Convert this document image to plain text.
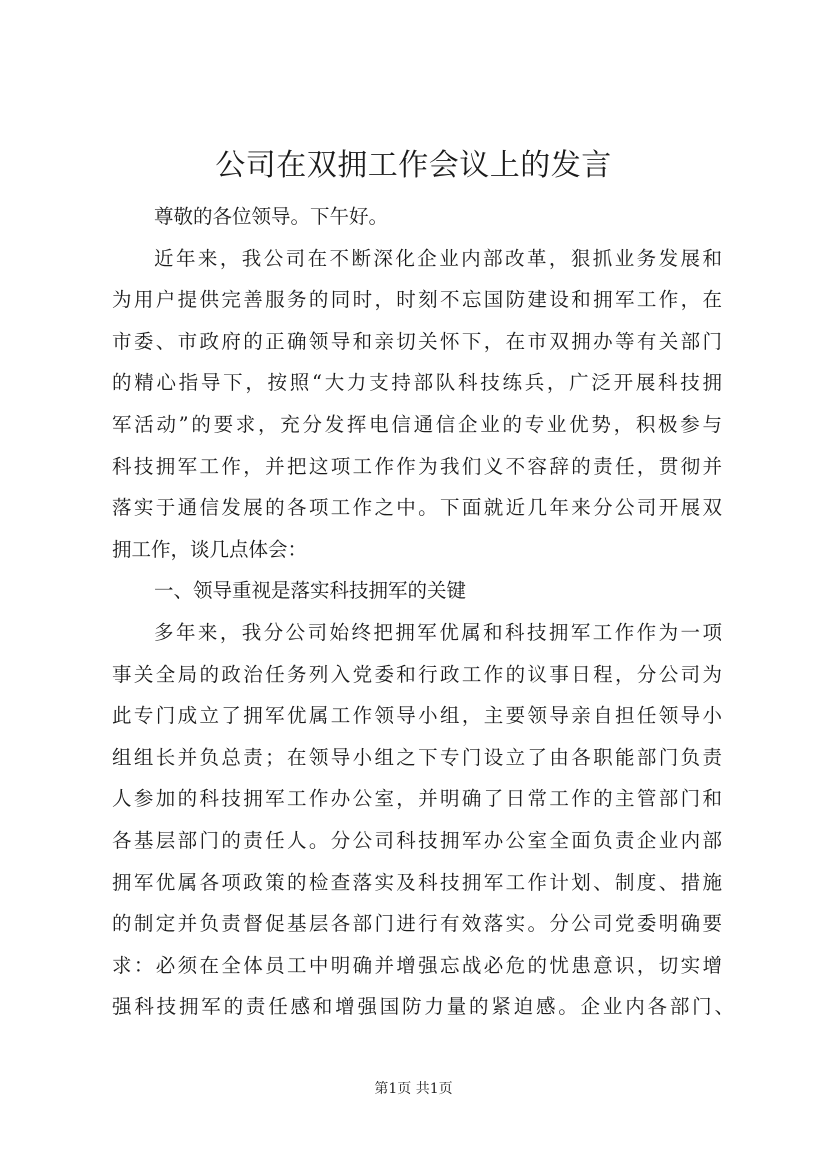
公司在双拥工作会议上的发言
尊敬的各位领导。下午好。
近年来，我公司在不断深化企业内部改革，狠抓业务发展和
为用户提供完善服务的同时，时刻不忘国防建设和拥军工作，在
市委、市政府的正确领导和亲切关怀下，在市双拥办等有关部门
的精心指导下，按照“大力支持部队科技练兵，广泛开展科技拥
军活动”的要求，充分发挥电信通信企业的专业优势，积极参与
科技拥军工作，并把这项工作作为我们义不容辞的责任，贯彻并
落实于通信发展的各项工作之中。下面就近几年来分公司开展双
拥工作，谈几点体会：
一、领导重视是落实科技拥军的关键
多年来，我分公司始终把拥军优属和科技拥军工作作为一项
事关全局的政治任务列入党委和行政工作的议事日程，分公司为
此专门成立了拥军优属工作领导小组，主要领导亲自担任领导小
组组长并负总责；在领导小组之下专门设立了由各职能部门负责
人参加的科技拥军工作办公室，并明确了日常工作的主管部门和
各基层部门的责任人。分公司科技拥军办公室全面负责企业内部
拥军优属各项政策的检查落实及科技拥军工作计划、制度、措施
的制定并负责督促基层各部门进行有效落实。分公司党委明确要
求：必须在全体员工中明确并增强忘战必危的忧患意识，切实增
强科技拥军的责任感和增强国防力量的紧迫感。企业内各部门、
第1页 共1页
